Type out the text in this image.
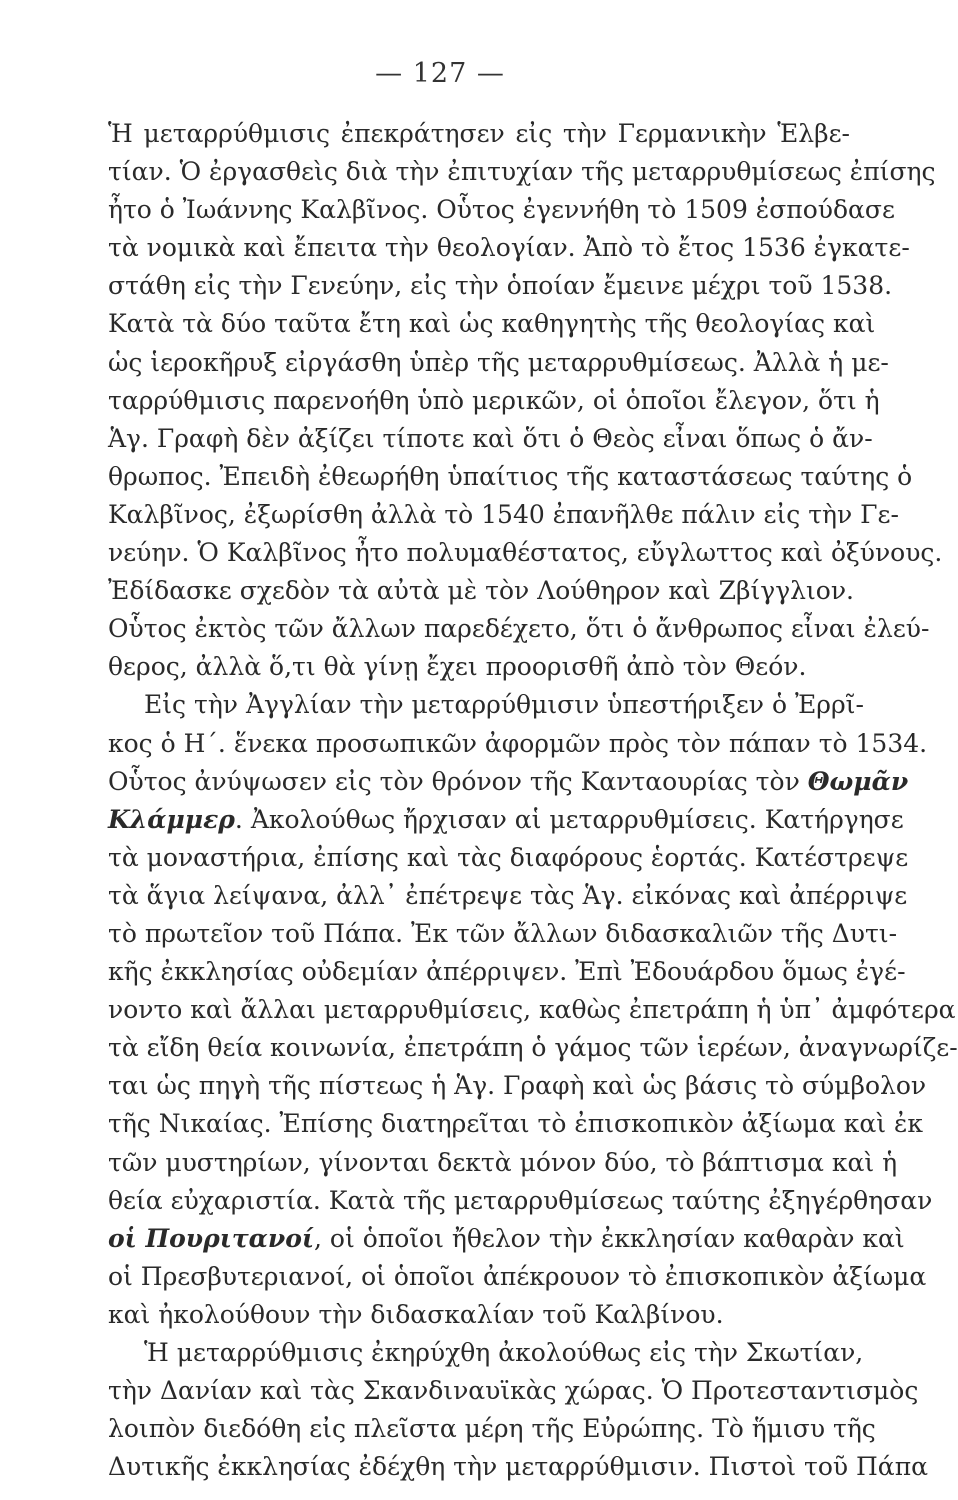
— 127 —
Ἡ μεταρρύθμισις ἐπεκράτησεν εἰς τὴν Γερμανικὴν Ἑλβε-
τίαν. Ὁ ἐργασθεὶς διὰ τὴν ἐπιτυχίαν τῆς μεταρρυθμίσεως ἐπίσης
ἦτο ὁ Ἰωάννης Καλβῖνος. Οὗτος ἐγεννήθη τὸ 1509 ἐσπούδασε
τὰ νομικὰ καὶ ἔπειτα τὴν θεολογίαν. Ἀπὸ τὸ ἔτος 1536 ἐγκατε-
στάθη εἰς τὴν Γενεύην, εἰς τὴν ὁποίαν ἔμεινε μέχρι τοῦ 1538.
Κατὰ τὰ δύο ταῦτα ἔτη καὶ ὡς καθηγητὴς τῆς θεολογίας καὶ
ὡς ἱεροκῆρυξ εἰργάσθη ὑπὲρ τῆς μεταρρυθμίσεως. Ἀλλὰ ἡ με-
ταρρύθμισις παρενοήθη ὑπὸ μερικῶν, οἱ ὁποῖοι ἔλεγον, ὅτι ἡ
Ἁγ. Γραφὴ δὲν ἀξίζει τίποτε καὶ ὅτι ὁ Θεὸς εἶναι ὅπως ὁ ἄν-
θρωπος. Ἐπειδὴ ἐθεωρήθη ὑπαίτιος τῆς καταστάσεως ταύτης ὁ
Καλβῖνος, ἐξωρίσθη ἀλλὰ τὸ 1540 ἐπανῆλθε πάλιν εἰς τὴν Γε-
νεύην. Ὁ Καλβῖνος ἦτο πολυμαθέστατος, εὔγλωττος καὶ ὀξύνους.
Ἐδίδασκε σχεδὸν τὰ αὐτὰ μὲ τὸν Λούθηρον καὶ Ζβίγγλιον.
Οὗτος ἐκτὸς τῶν ἄλλων παρεδέχετο, ὅτι ὁ ἄνθρωπος εἶναι ἐλεύ-
θερος, ἀλλὰ ὅ,τι θὰ γίνῃ ἔχει προορισθῆ ἀπὸ τὸν Θεόν.
Εἰς τὴν Ἀγγλίαν τὴν μεταρρύθμισιν ὑπεστήριξεν ὁ Ἐρρῖ-
κος ὁ Η΄. ἕνεκα προσωπικῶν ἀφορμῶν πρὸς τὸν πάπαν τὸ 1534.
Οὗτος ἀνύψωσεν εἰς τὸν θρόνον τῆς Κανταουρίας τὸν Θωμᾶν
Κλάμμερ. Ἀκολούθως ἤρχισαν αἱ μεταρρυθμίσεις. Κατήργησε
τὰ μοναστήρια, ἐπίσης καὶ τὰς διαφόρους ἑορτάς. Κατέστρεψε
τὰ ἅγια λείψανα, ἀλλ᾽ ἐπέτρεψε τὰς Ἁγ. εἰκόνας καὶ ἀπέρριψε
τὸ πρωτεῖον τοῦ Πάπα. Ἐκ τῶν ἄλλων διδασκαλιῶν τῆς Δυτι-
κῆς ἐκκλησίας οὐδεμίαν ἀπέρριψεν. Ἐπὶ Ἐδουάρδου ὅμως ἐγέ-
νοντο καὶ ἄλλαι μεταρρυθμίσεις, καθὼς ἐπετράπη ἡ ὑπ᾽ ἀμφότερα
τὰ εἴδη θεία κοινωνία, ἐπετράπη ὁ γάμος τῶν ἱερέων, ἀναγνωρίζε-
ται ὡς πηγὴ τῆς πίστεως ἡ Ἁγ. Γραφὴ καὶ ὡς βάσις τὸ σύμβολον
τῆς Νικαίας. Ἐπίσης διατηρεῖται τὸ ἐπισκοπικὸν ἀξίωμα καὶ ἐκ
τῶν μυστηρίων, γίνονται δεκτὰ μόνον δύο, τὸ βάπτισμα καὶ ἡ
θεία εὐχαριστία. Κατὰ τῆς μεταρρυθμίσεως ταύτης ἐξηγέρθησαν
οἱ Πουριτανοί, οἱ ὁποῖοι ἤθελον τὴν ἐκκλησίαν καθαρὰν καὶ
οἱ Πρεσβυτεριανοί, οἱ ὁποῖοι ἀπέκρουον τὸ ἐπισκοπικὸν ἀξίωμα
καὶ ἠκολούθουν τὴν διδασκαλίαν τοῦ Καλβίνου.
Ἡ μεταρρύθμισις ἐκηρύχθη ἀκολούθως εἰς τὴν Σκωτίαν,
τὴν Δανίαν καὶ τὰς Σκανδιναυϊκὰς χώρας. Ὁ Προτεσταντισμὸς
λοιπὸν διεδόθη εἰς πλεῖστα μέρη τῆς Εὐρώπης. Τὸ ἥμισυ τῆς
Δυτικῆς ἐκκλησίας ἐδέχθη τὴν μεταρρύθμισιν. Πιστοὶ τοῦ Πάπα
